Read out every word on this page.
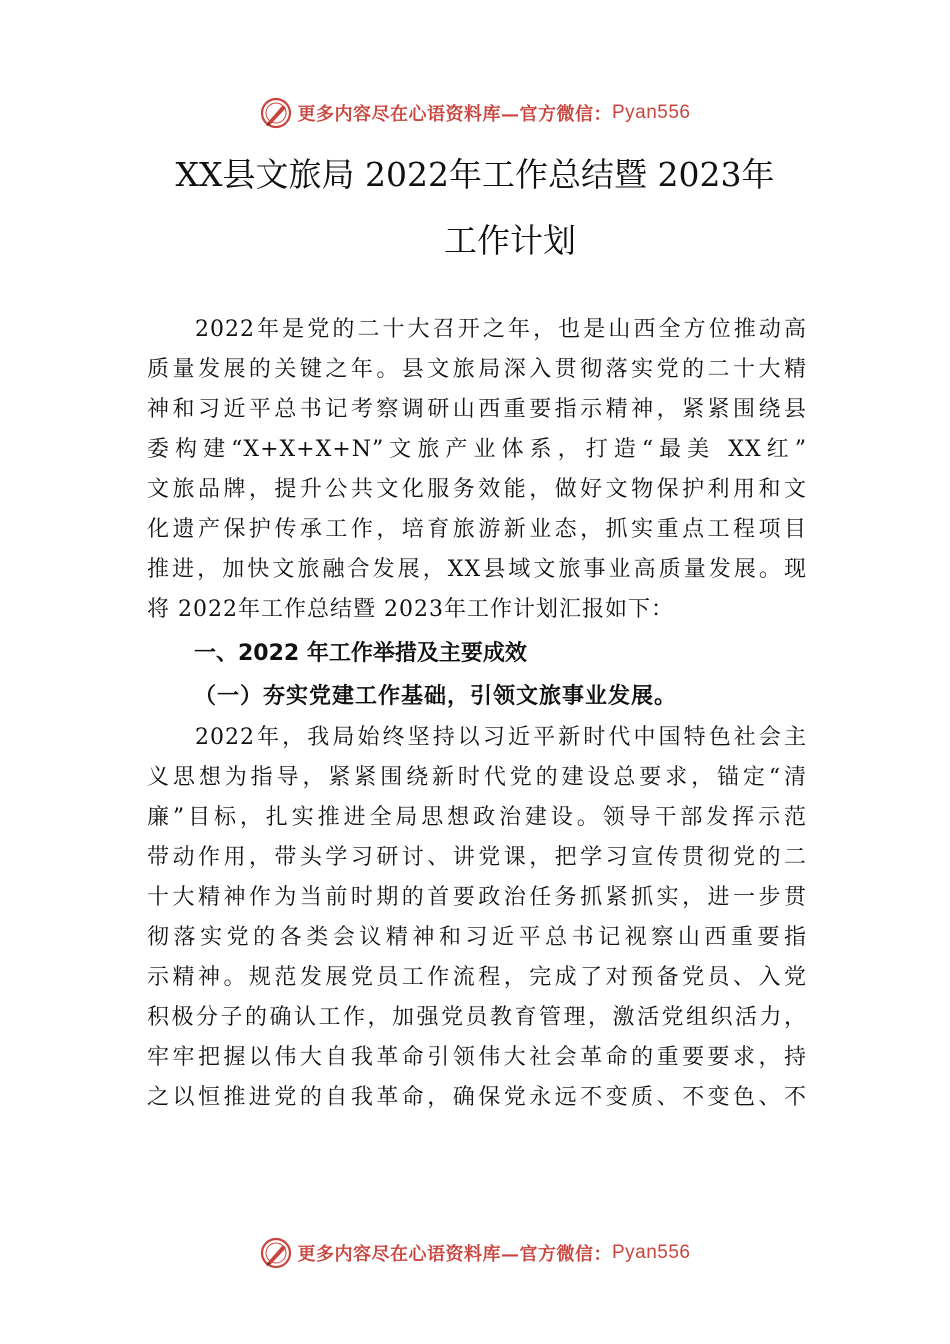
更多内容尽在心语资料库—官方微信： Pyan556
XX县文旅局 2022年工作总结暨 2023年
工作计划
2022年是党的二十大召开之年，也是山西全方位推动高
质量发展的关键之年。县文旅局深入贯彻落实党的二十大精
神和习近平总书记考察调研山西重要指示精神，紧紧围绕县
委构建“X+X+X+N”文旅产业体系，打造“最美 XX红”
文旅品牌，提升公共文化服务效能，做好文物保护利用和文
化遗产保护传承工作，培育旅游新业态，抓实重点工程项目
推进，加快文旅融合发展，XX县域文旅事业高质量发展。现
将 2022年工作总结暨 2023年工作计划汇报如下：
一、2022 年工作举措及主要成效
（一）夯实党建工作基础，引领文旅事业发展。
2022年，我局始终坚持以习近平新时代中国特色社会主
义思想为指导，紧紧围绕新时代党的建设总要求，锚定“清
廉”目标，扎实推进全局思想政治建设。领导干部发挥示范
带动作用，带头学习研讨、讲党课，把学习宣传贯彻党的二
十大精神作为当前时期的首要政治任务抓紧抓实，进一步贯
彻落实党的各类会议精神和习近平总书记视察山西重要指
示精神。规范发展党员工作流程，完成了对预备党员、入党
积极分子的确认工作，加强党员教育管理，激活党组织活力，
牢牢把握以伟大自我革命引领伟大社会革命的重要要求，持
之以恒推进党的自我革命，确保党永远不变质、不变色、不
更多内容尽在心语资料库—官方微信： Pyan556
